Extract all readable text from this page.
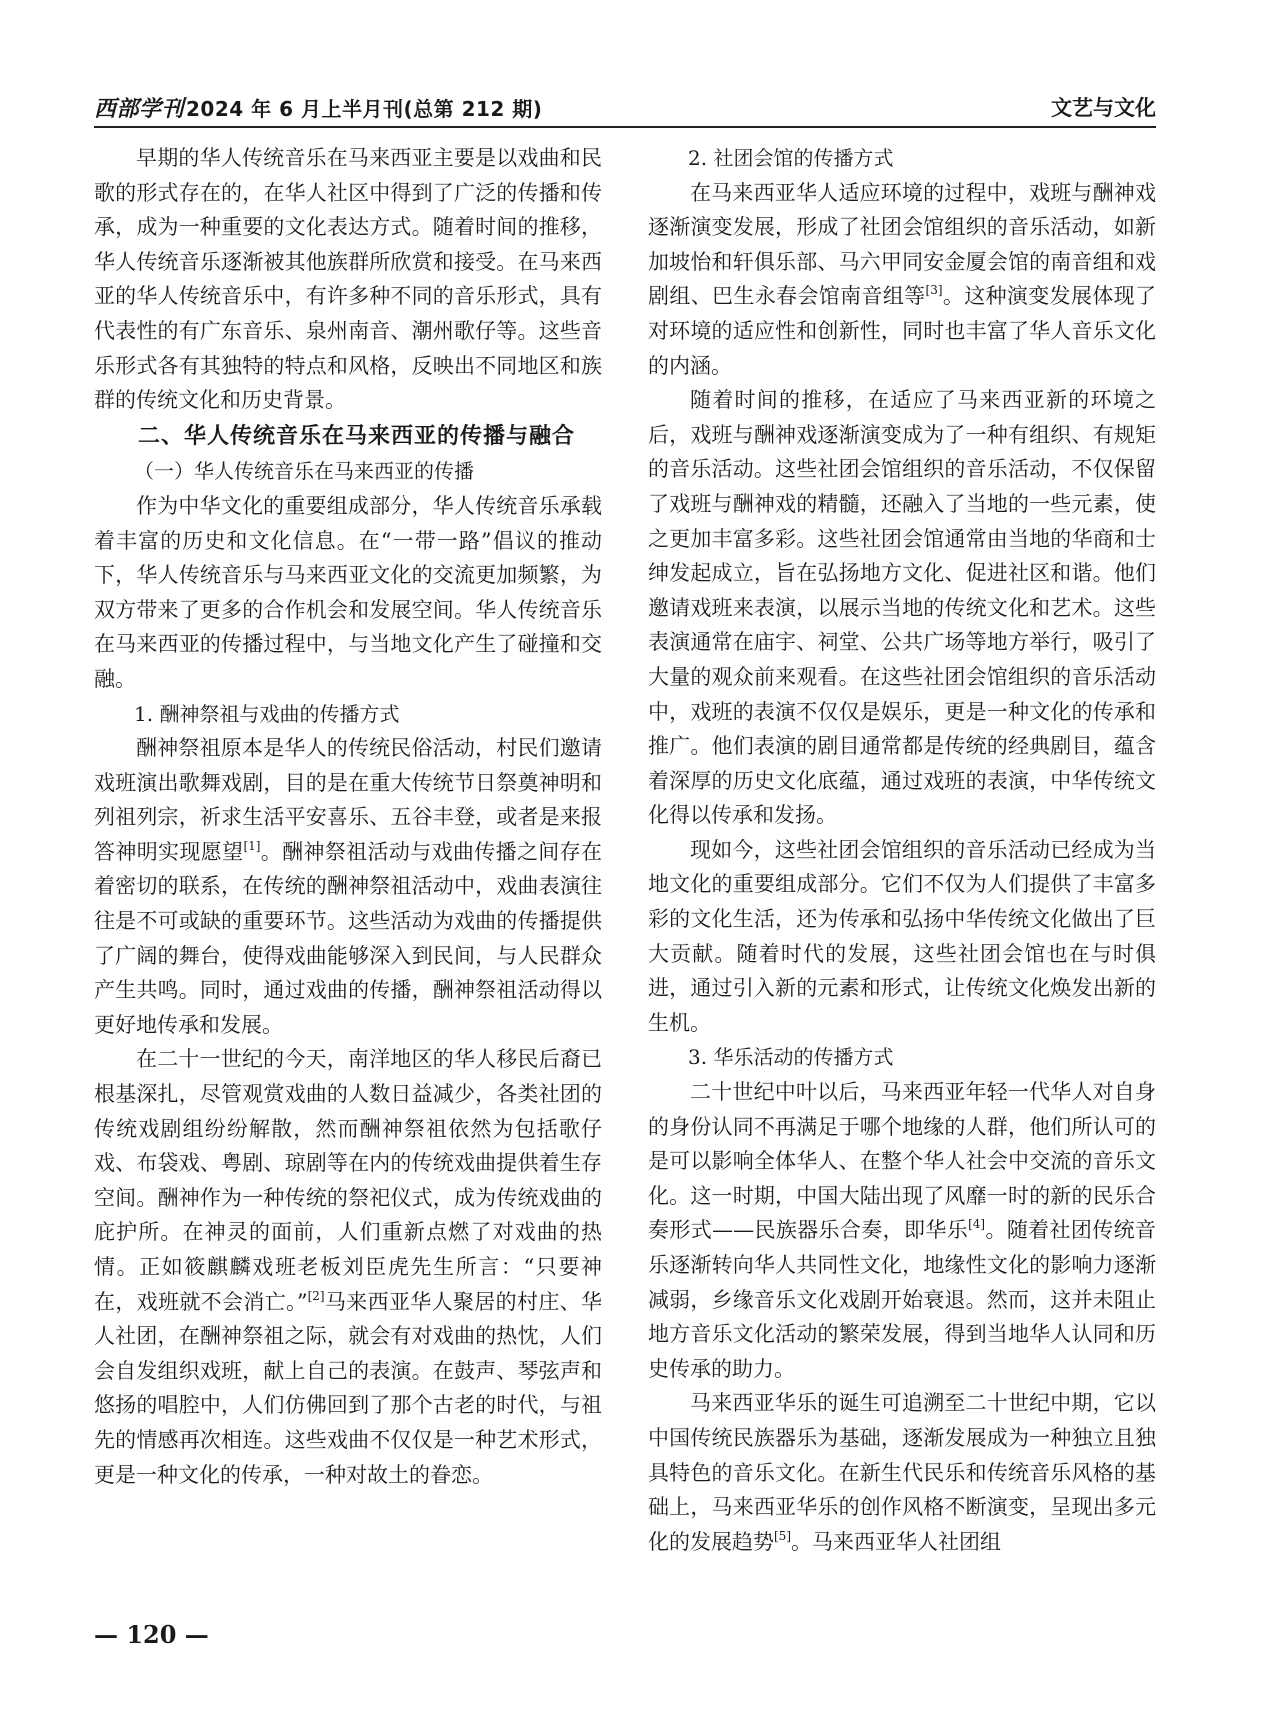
西部学刊 2024 年 6 月上半月刊(总第 212 期)	文艺与文化

早期的华人传统音乐在马来西亚主要是以戏曲和民歌的形式存在的，在华人社区中得到了广泛的传播和传承，成为一种重要的文化表达方式。随着时间的推移，华人传统音乐逐渐被其他族群所欣赏和接受。在马来西亚的华人传统音乐中，有许多种不同的音乐形式，具有代表性的有广东音乐、泉州南音、潮州歌仔等。这些音乐形式各有其独特的特点和风格，反映出不同地区和族群的传统文化和历史背景。

二、华人传统音乐在马来西亚的传播与融合
（一）华人传统音乐在马来西亚的传播

作为中华文化的重要组成部分，华人传统音乐承载着丰富的历史和文化信息。在“一带一路”倡议的推动下，华人传统音乐与马来西亚文化的交流更加频繁，为双方带来了更多的合作机会和发展空间。华人传统音乐在马来西亚的传播过程中，与当地文化产生了碰撞和交融。

1. 酬神祭祖与戏曲的传播方式

酬神祭祖原本是华人的传统民俗活动，村民们邀请戏班演出歌舞戏剧，目的是在重大传统节日祭奠神明和列祖列宗，祈求生活平安喜乐、五谷丰登，或者是来报答神明实现愿望[1]。酬神祭祖活动与戏曲传播之间存在着密切的联系，在传统的酬神祭祖活动中，戏曲表演往往是不可或缺的重要环节。这些活动为戏曲的传播提供了广阔的舞台，使得戏曲能够深入到民间，与人民群众产生共鸣。同时，通过戏曲的传播，酬神祭祖活动得以更好地传承和发展。

在二十一世纪的今天，南洋地区的华人移民后裔已根基深扎，尽管观赏戏曲的人数日益减少，各类社团的传统戏剧组纷纷解散，然而酬神祭祖依然为包括歌仔戏、布袋戏、粤剧、琼剧等在内的传统戏曲提供着生存空间。酬神作为一种传统的祭祀仪式，成为传统戏曲的庇护所。在神灵的面前，人们重新点燃了对戏曲的热情。正如筱麒麟戏班老板刘臣虎先生所言：“只要神在，戏班就不会消亡。”[2]马来西亚华人聚居的村庄、华人社团，在酬神祭祖之际，就会有对戏曲的热忱，人们会自发组织戏班，献上自己的表演。在鼓声、琴弦声和悠扬的唱腔中，人们仿佛回到了那个古老的时代，与祖先的情感再次相连。这些戏曲不仅仅是一种艺术形式，更是一种文化的传承，一种对故土的眷恋。

2. 社团会馆的传播方式

在马来西亚华人适应环境的过程中，戏班与酬神戏逐渐演变发展，形成了社团会馆组织的音乐活动，如新加坡怡和轩俱乐部、马六甲同安金厦会馆的南音组和戏剧组、巴生永春会馆南音组等[3]。这种演变发展体现了对环境的适应性和创新性，同时也丰富了华人音乐文化的内涵。

随着时间的推移，在适应了马来西亚新的环境之后，戏班与酬神戏逐渐演变成为了一种有组织、有规矩的音乐活动。这些社团会馆组织的音乐活动，不仅保留了戏班与酬神戏的精髓，还融入了当地的一些元素，使之更加丰富多彩。这些社团会馆通常由当地的华商和士绅发起成立，旨在弘扬地方文化、促进社区和谐。他们邀请戏班来表演，以展示当地的传统文化和艺术。这些表演通常在庙宇、祠堂、公共广场等地方举行，吸引了大量的观众前来观看。在这些社团会馆组织的音乐活动中，戏班的表演不仅仅是娱乐，更是一种文化的传承和推广。他们表演的剧目通常都是传统的经典剧目，蕴含着深厚的历史文化底蕴，通过戏班的表演，中华传统文化得以传承和发扬。

现如今，这些社团会馆组织的音乐活动已经成为当地文化的重要组成部分。它们不仅为人们提供了丰富多彩的文化生活，还为传承和弘扬中华传统文化做出了巨大贡献。随着时代的发展，这些社团会馆也在与时俱进，通过引入新的元素和形式，让传统文化焕发出新的生机。

3. 华乐活动的传播方式

二十世纪中叶以后，马来西亚年轻一代华人对自身的身份认同不再满足于哪个地缘的人群，他们所认可的是可以影响全体华人、在整个华人社会中交流的音乐文化。这一时期，中国大陆出现了风靡一时的新的民乐合奏形式——民族器乐合奏，即华乐[4]。随着社团传统音乐逐渐转向华人共同性文化，地缘性文化的影响力逐渐减弱，乡缘音乐文化戏剧开始衰退。然而，这并未阻止地方音乐文化活动的繁荣发展，得到当地华人认同和历史传承的助力。

马来西亚华乐的诞生可追溯至二十世纪中期，它以中国传统民族器乐为基础，逐渐发展成为一种独立且独具特色的音乐文化。在新生代民乐和传统音乐风格的基础上，马来西亚华乐的创作风格不断演变，呈现出多元化的发展趋势[5]。马来西亚华人社团组

— 120 —
